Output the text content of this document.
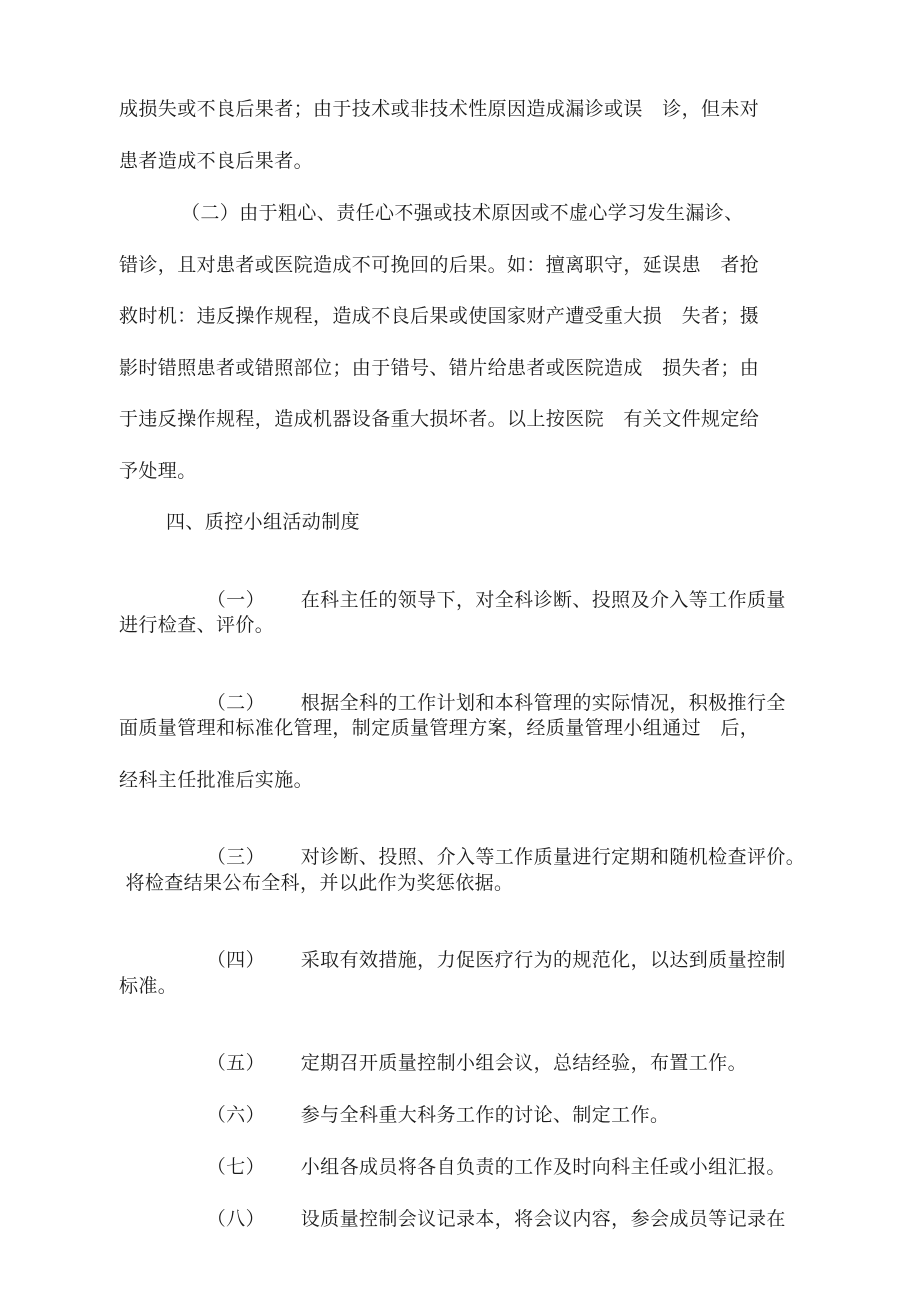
成损失或不良后果者；由于技术或非技术性原因造成漏诊或误　诊，但未对
患者造成不良后果者。
（二）由于粗心、责任心不强或技术原因或不虚心学习发生漏诊、
错诊，且对患者或医院造成不可挽回的后果。如：擅离职守，延误患　者抢
救时机：违反操作规程，造成不良后果或使国家财产遭受重大损　失者；摄
影时错照患者或错照部位；由于错号、错片给患者或医院造成　损失者；由
于违反操作规程，造成机器设备重大损坏者。以上按医院　有关文件规定给
予处理。
四、质控小组活动制度

（一） 在科主任的领导下，对全科诊断、投照及介入等工作质量

进行检查、评价。

（二） 根据全科的工作计划和本科管理的实际情况，积极推行全

面质量管理和标准化管理，制定质量管理方案，经质量管理小组通过　后，
经科主任批准后实施。

（三） 对诊断、投照、介入等工作质量进行定期和随机检查评价。

将检查结果公布全科，并以此作为奖惩依据。

（四） 采取有效措施，力促医疗行为的规范化，以达到质量控制

标准。

（五） 定期召开质量控制小组会议，总结经验，布置工作。

（六） 参与全科重大科务工作的讨论、制定工作。

（七） 小组各成员将各自负责的工作及时向科主任或小组汇报。

（八） 设质量控制会议记录本，将会议内容，参会成员等记录在
